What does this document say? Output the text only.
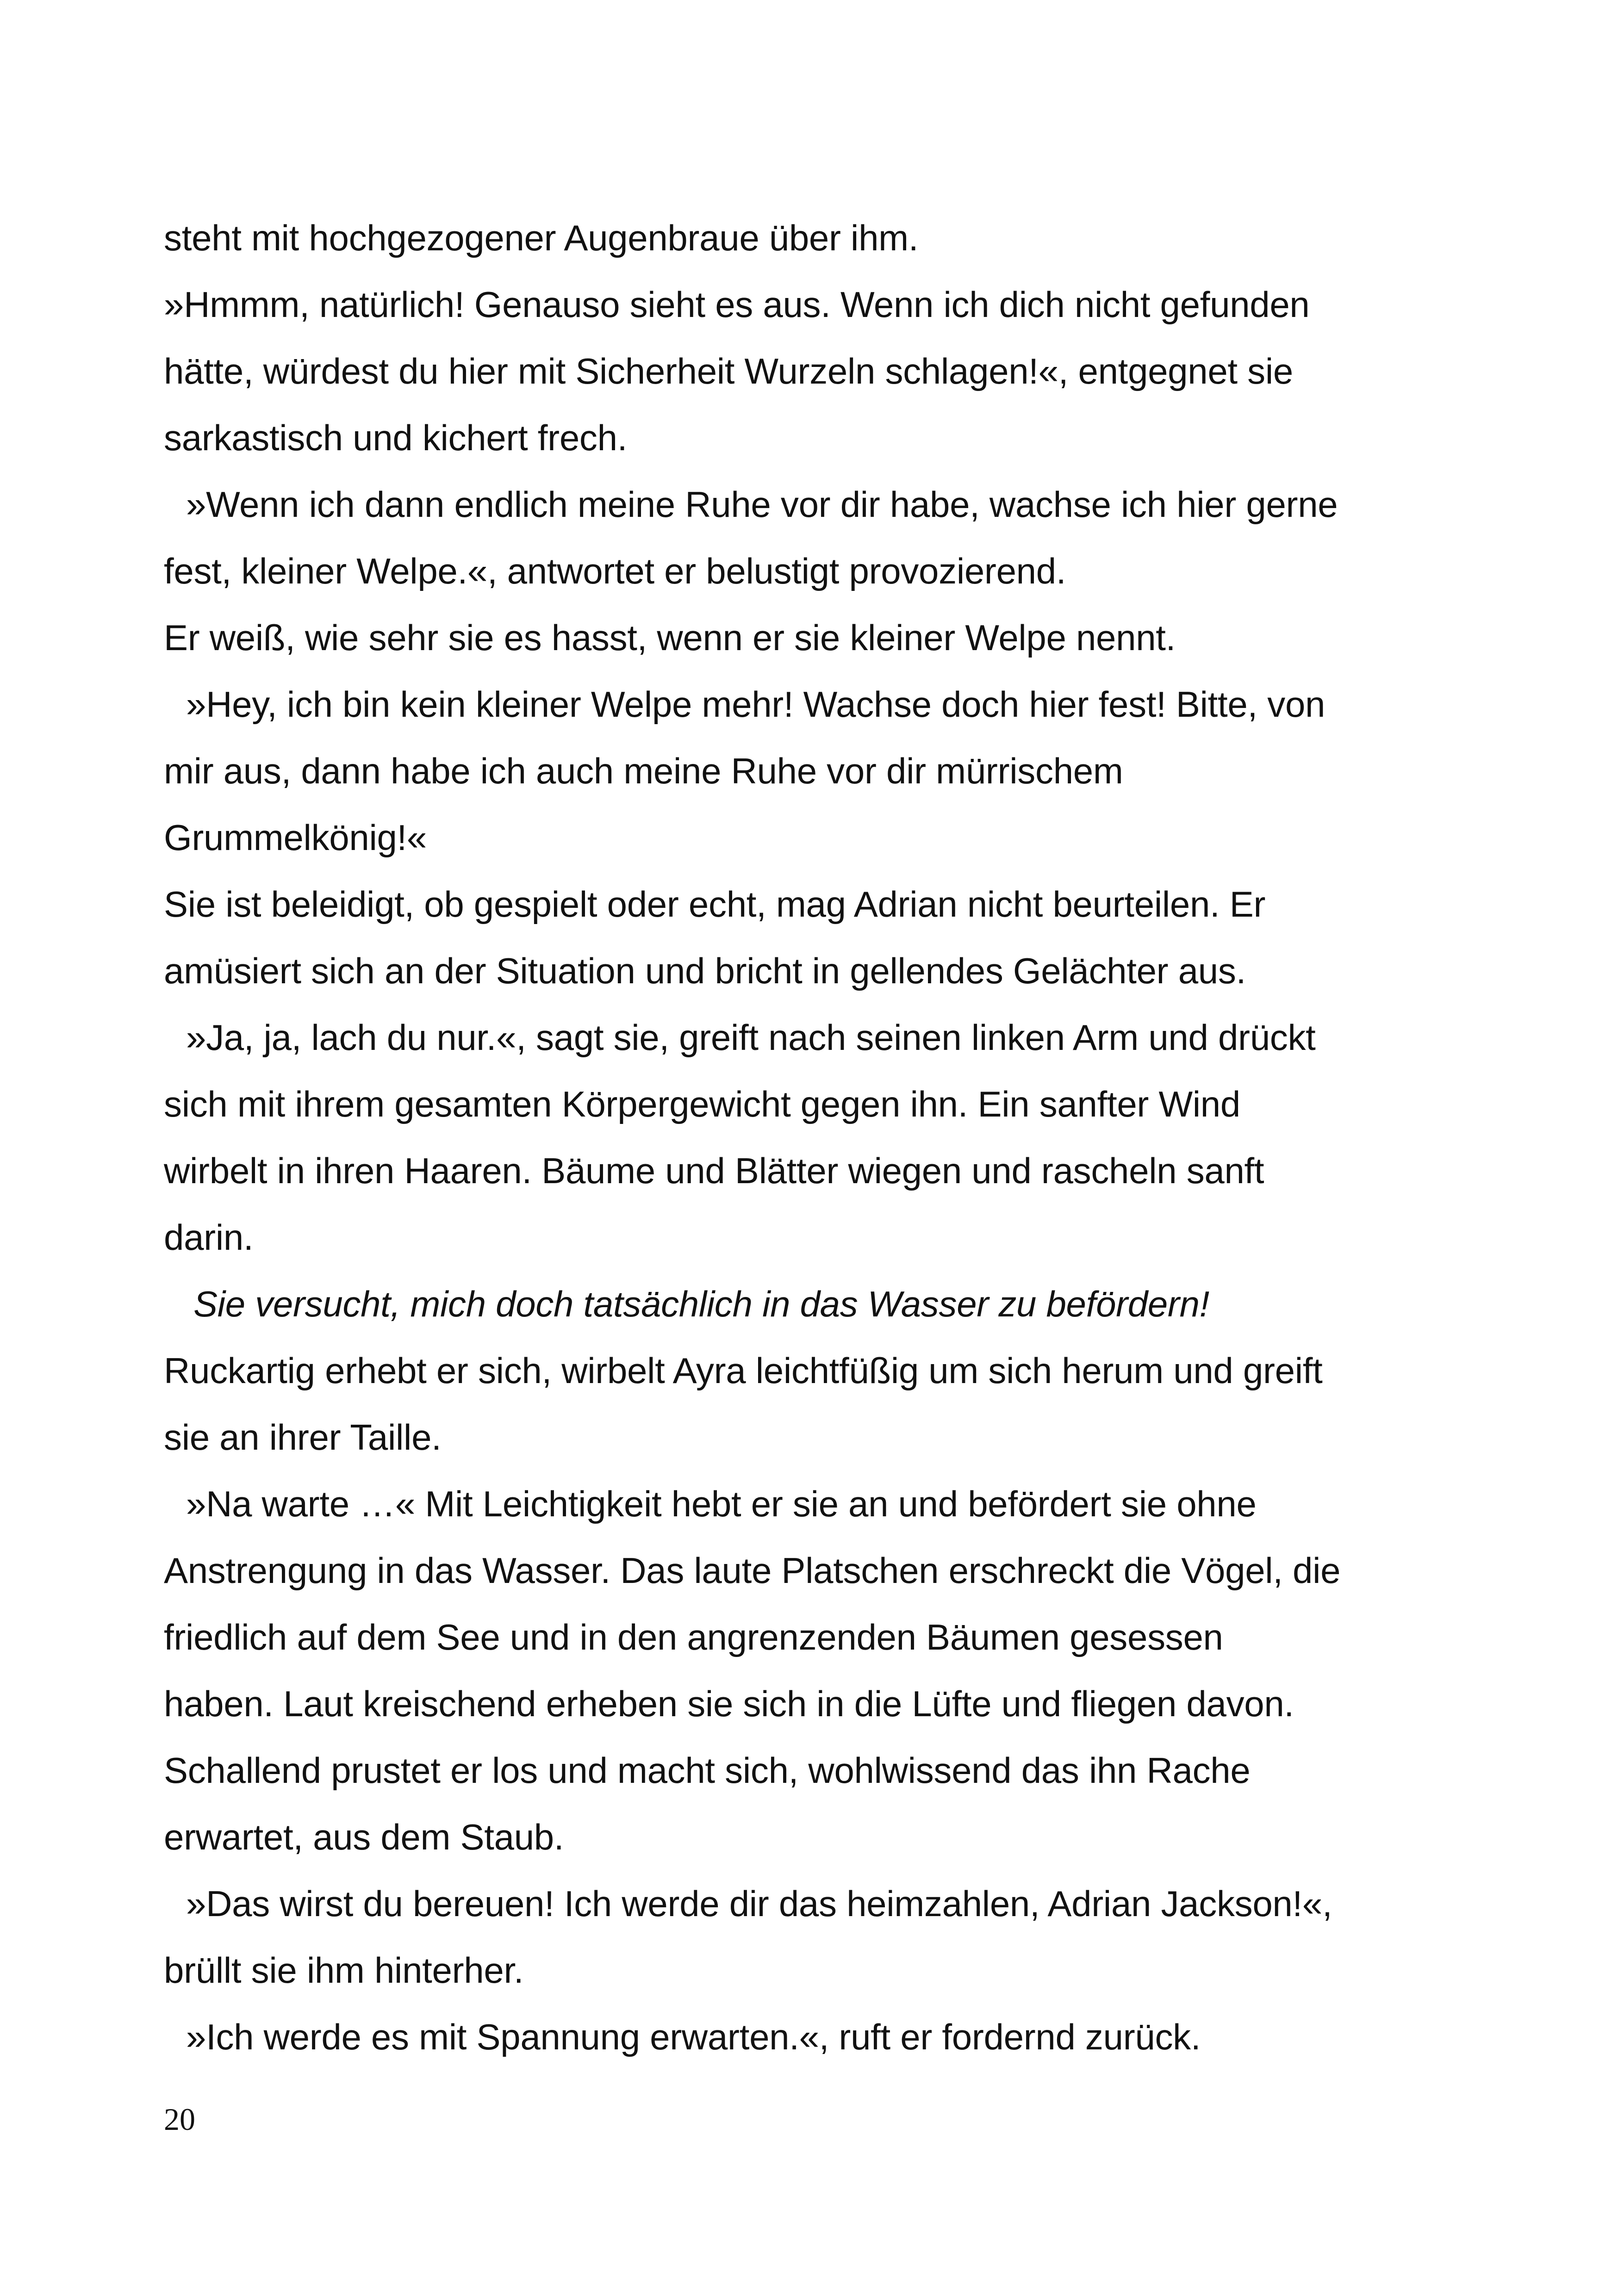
steht mit hochgezogener Augenbraue über ihm.
»Hmmm, natürlich! Genauso sieht es aus. Wenn ich dich nicht gefunden
hätte, würdest du hier mit Sicherheit Wurzeln schlagen!«, entgegnet sie
sarkastisch und kichert frech.
»Wenn ich dann endlich meine Ruhe vor dir habe, wachse ich hier gerne
fest, kleiner Welpe.«, antwortet er belustigt provozierend.
Er weiß, wie sehr sie es hasst, wenn er sie kleiner Welpe nennt.
»Hey, ich bin kein kleiner Welpe mehr! Wachse doch hier fest! Bitte, von
mir aus, dann habe ich auch meine Ruhe vor dir mürrischem
Grummelkönig!«
Sie ist beleidigt, ob gespielt oder echt, mag Adrian nicht beurteilen. Er
amüsiert sich an der Situation und bricht in gellendes Gelächter aus.
»Ja, ja, lach du nur.«, sagt sie, greift nach seinen linken Arm und drückt
sich mit ihrem gesamten Körpergewicht gegen ihn. Ein sanfter Wind
wirbelt in ihren Haaren. Bäume und Blätter wiegen und rascheln sanft
darin.
Sie versucht, mich doch tatsächlich in das Wasser zu befördern!
Ruckartig erhebt er sich, wirbelt Ayra leichtfüßig um sich herum und greift
sie an ihrer Taille.
»Na warte …« Mit Leichtigkeit hebt er sie an und befördert sie ohne
Anstrengung in das Wasser. Das laute Platschen erschreckt die Vögel, die
friedlich auf dem See und in den angrenzenden Bäumen gesessen
haben. Laut kreischend erheben sie sich in die Lüfte und fliegen davon.
Schallend prustet er los und macht sich, wohlwissend das ihn Rache
erwartet, aus dem Staub.
»Das wirst du bereuen! Ich werde dir das heimzahlen, Adrian Jackson!«,
brüllt sie ihm hinterher.
»Ich werde es mit Spannung erwarten.«, ruft er fordernd zurück.
20
